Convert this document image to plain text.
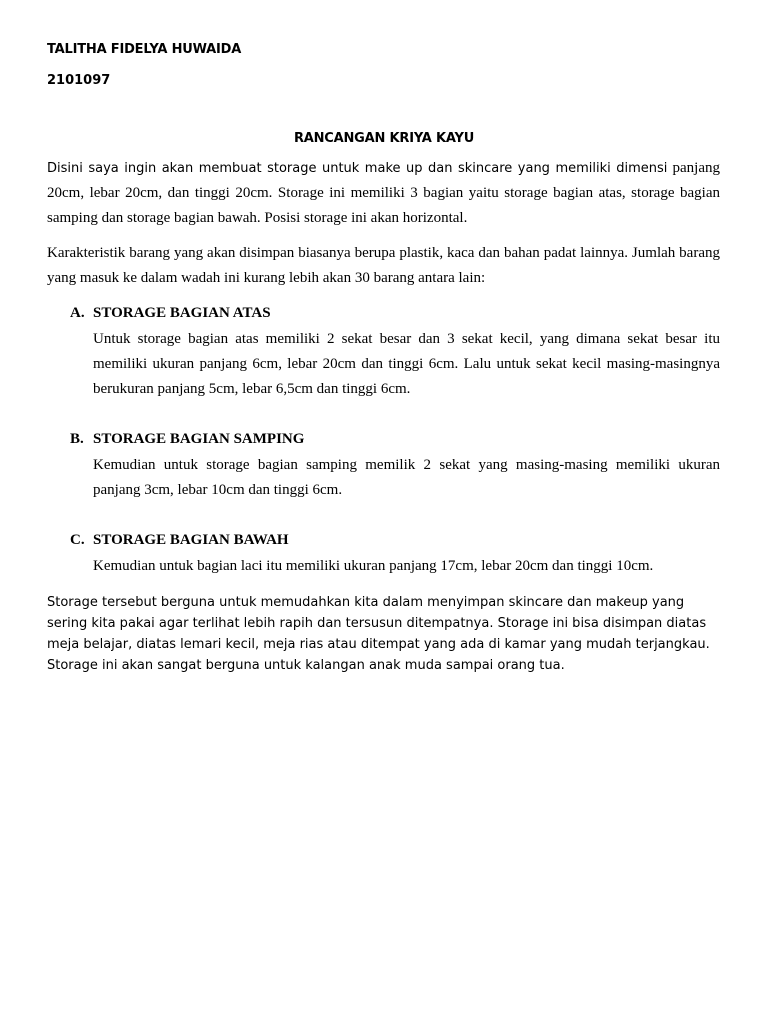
TALITHA FIDELYA HUWAIDA
2101097
RANCANGAN KRIYA KAYU

Disini saya ingin akan membuat storage untuk make up dan skincare yang memiliki dimensi panjang 20cm, lebar 20cm, dan tinggi 20cm. Storage ini memiliki 3 bagian yaitu storage bagian atas, storage bagian samping dan storage bagian bawah. Posisi storage ini akan horizontal.

Karakteristik barang yang akan disimpan biasanya berupa plastik, kaca dan bahan padat lainnya. Jumlah barang yang masuk ke dalam wadah ini kurang lebih akan 30 barang antara lain:

A. STORAGE BAGIAN ATAS

Untuk storage bagian atas memiliki 2 sekat besar dan 3 sekat kecil, yang dimana sekat besar itu memiliki ukuran panjang 6cm, lebar 20cm dan tinggi 6cm. Lalu untuk sekat kecil masing-masingnya berukuran panjang 5cm, lebar 6,5cm dan tinggi 6cm.

B. STORAGE BAGIAN SAMPING

Kemudian untuk storage bagian samping memilik 2 sekat yang masing-masing memiliki ukuran panjang 3cm, lebar 10cm dan tinggi 6cm.

C. STORAGE BAGIAN BAWAH

Kemudian untuk bagian laci itu memiliki ukuran panjang 17cm, lebar 20cm dan tinggi 10cm.

Storage tersebut berguna untuk memudahkan kita dalam menyimpan skincare dan makeup yang sering kita pakai agar terlihat lebih rapih dan tersusun ditempatnya. Storage ini bisa disimpan diatas meja belajar, diatas lemari kecil, meja rias atau ditempat yang ada di kamar yang mudah terjangkau. Storage ini akan sangat berguna untuk kalangan anak muda sampai orang tua.
